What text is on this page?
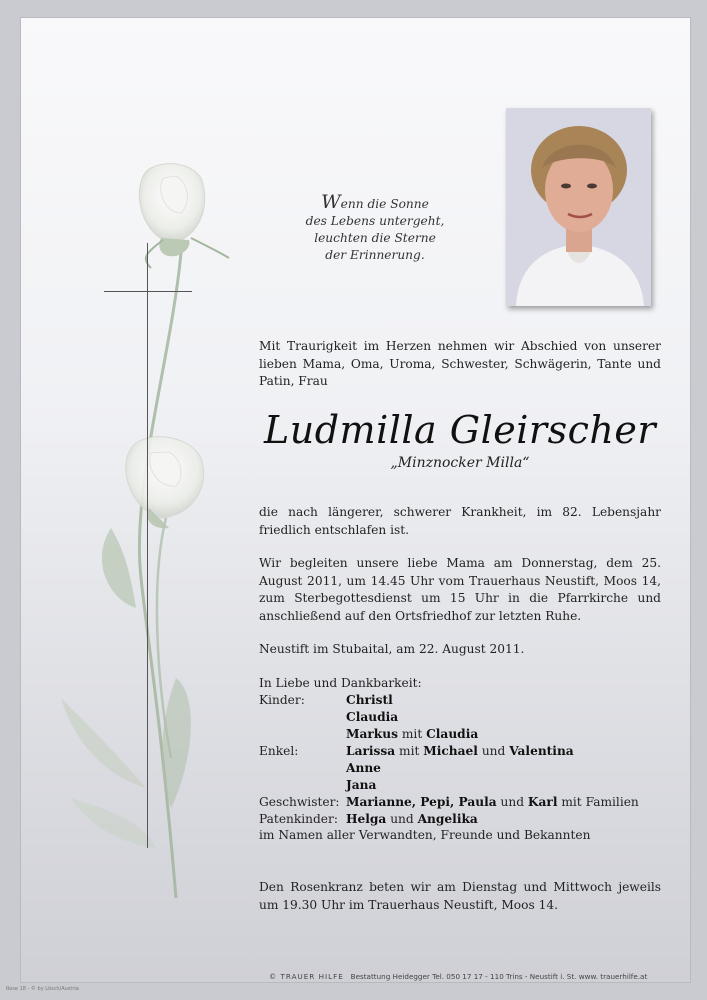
Wenn die Sonne
des Lebens untergeht,
leuchten die Sterne
der Erinnerung.
Mit Traurigkeit im Herzen nehmen wir Abschied von unserer lieben Mama, Oma, Uroma, Schwester, Schwägerin, Tante und Patin, Frau
Ludmilla Gleirscher
„Minznocker Milla“
die nach längerer, schwerer Krankheit, im 82. Lebensjahr friedlich entschlafen ist.
Wir begleiten unsere liebe Mama am Donnerstag, dem 25. August 2011, um 14.45 Uhr vom Trauerhaus Neustift, Moos 14, zum Sterbegottesdienst um 15 Uhr in die Pfarrkirche und anschließend auf den Ortsfriedhof zur letzten Ruhe.
Neustift im Stubaital, am 22. August 2011.
In Liebe und Dankbarkeit:
Kinder:	Christl
Claudia
Markus mit Claudia
Enkel:	Larissa mit Michael und Valentina
Anne
Jana
Geschwister: Marianne, Pepi, Paula und Karl mit Familien
Patenkinder: Helga und Angelika
im Namen aller Verwandten, Freunde und Bekannten
Den Rosenkranz beten wir am Dienstag und Mittwoch jeweils um 19.30 Uhr im Trauerhaus Neustift, Moos 14.
© TRAUER HILFE Bestattung Heidegger Tel. 050 17 17 - 110 Trins - Neustift i. St. www. trauerhilfe.at
Rose 18 - © by Lösch/Austria
